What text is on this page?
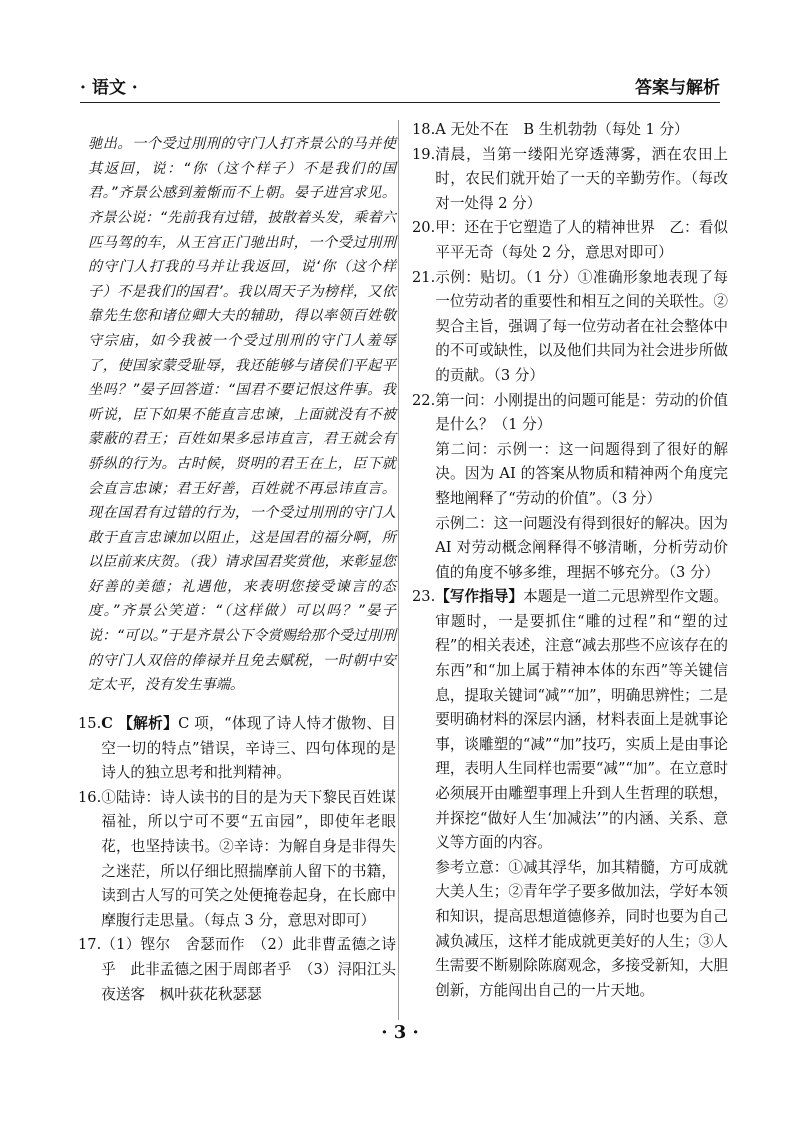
· 语文 ·	答案与解析

驰出。一个受过刖刑的守门人打齐景公的马并使其返回，说：“你（这个样子）不是我们的国君。”齐景公感到羞惭而不上朝。晏子进宫求见。齐景公说：“先前我有过错，披散着头发，乘着六匹马驾的车，从王宫正门驰出时，一个受过刖刑的守门人打我的马并让我返回，说‘你（这个样子）不是我们的国君’。我以周天子为榜样，又依靠先生您和诸位卿大夫的辅助，得以率领百姓敬守宗庙，如今我被一个受过刖刑的守门人羞辱了，使国家蒙受耻辱，我还能够与诸侯们平起平坐吗？”晏子回答道：“国君不要记恨这件事。我听说，臣下如果不能直言忠谏，上面就没有不被蒙蔽的君王；百姓如果多忌讳直言，君王就会有骄纵的行为。古时候，贤明的君王在上，臣下就会直言忠谏；君王好善，百姓就不再忌讳直言。现在国君有过错的行为，一个受过刖刑的守门人敢于直言忠谏加以阻止，这是国君的福分啊，所以臣前来庆贺。（我）请求国君奖赏他，来彰显您好善的美德；礼遇他，来表明您接受谏言的态度。”齐景公笑道：“（这样做）可以吗？”晏子说：“可以。”于是齐景公下令赏赐给那个受过刖刑的守门人双倍的俸禄并且免去赋税，一时朝中安定太平，没有发生事端。

15. C 【解析】C 项，“体现了诗人恃才傲物、目空一切的特点”错误，辛诗三、四句体现的是诗人的独立思考和批判精神。
16. ①陆诗：诗人读书的目的是为天下黎民百姓谋福祉，所以宁可不要“五亩园”，即使年老眼花，也坚持读书。②辛诗：为解自身是非得失之迷茫，所以仔细比照揣摩前人留下的书籍，读到古人写的可笑之处便掩卷起身，在长廊中摩腹行走思量。（每点 3 分，意思对即可）
17. （1）铿尔　舍瑟而作　（2）此非曹孟德之诗乎　此非孟德之困于周郎者乎　（3）浔阳江头夜送客　枫叶荻花秋瑟瑟
18. A 无处不在　B 生机勃勃（每处 1 分）
19. 清晨，当第一缕阳光穿透薄雾，洒在农田上时，农民们就开始了一天的辛勤劳作。（每改对一处得 2 分）
20. 甲：还在于它塑造了人的精神世界　乙：看似平平无奇（每处 2 分，意思对即可）
21. 示例：贴切。（1 分）①准确形象地表现了每一位劳动者的重要性和相互之间的关联性。②契合主旨，强调了每一位劳动者在社会整体中的不可或缺性，以及他们共同为社会进步所做的贡献。（3 分）
22. 第一问：小刚提出的问题可能是：劳动的价值是什么？（1 分）

第二问：示例一：这一问题得到了很好的解决。因为 AI 的答案从物质和精神两个角度完整地阐释了“劳动的价值”。（3 分）

示例二：这一问题没有得到很好的解决。因为 AI 对劳动概念阐释得不够清晰，分析劳动价值的角度不够多维，理据不够充分。（3 分）

23. 【写作指导】本题是一道二元思辨型作文题。审题时，一是要抓住“雕的过程”和“塑的过程”的相关表述，注意“减去那些不应该存在的东西”和“加上属于精神本体的东西”等关键信息，提取关键词“减”“加”，明确思辨性；二是要明确材料的深层内涵，材料表面上是就事论事，谈雕塑的“减”“加”技巧，实质上是由事论理，表明人生同样也需要“减”“加”。在立意时必须展开由雕塑事理上升到人生哲理的联想，并探挖“做好人生‘加减法’”的内涵、关系、意义等方面的内容。

参考立意：①减其浮华，加其精髓，方可成就大美人生；②青年学子要多做加法，学好本领和知识，提高思想道德修养，同时也要为自己减负减压，这样才能成就更美好的人生；③人生需要不断剔除陈腐观念，多接受新知，大胆创新，方能闯出自己的一片天地。

· 3 ·
